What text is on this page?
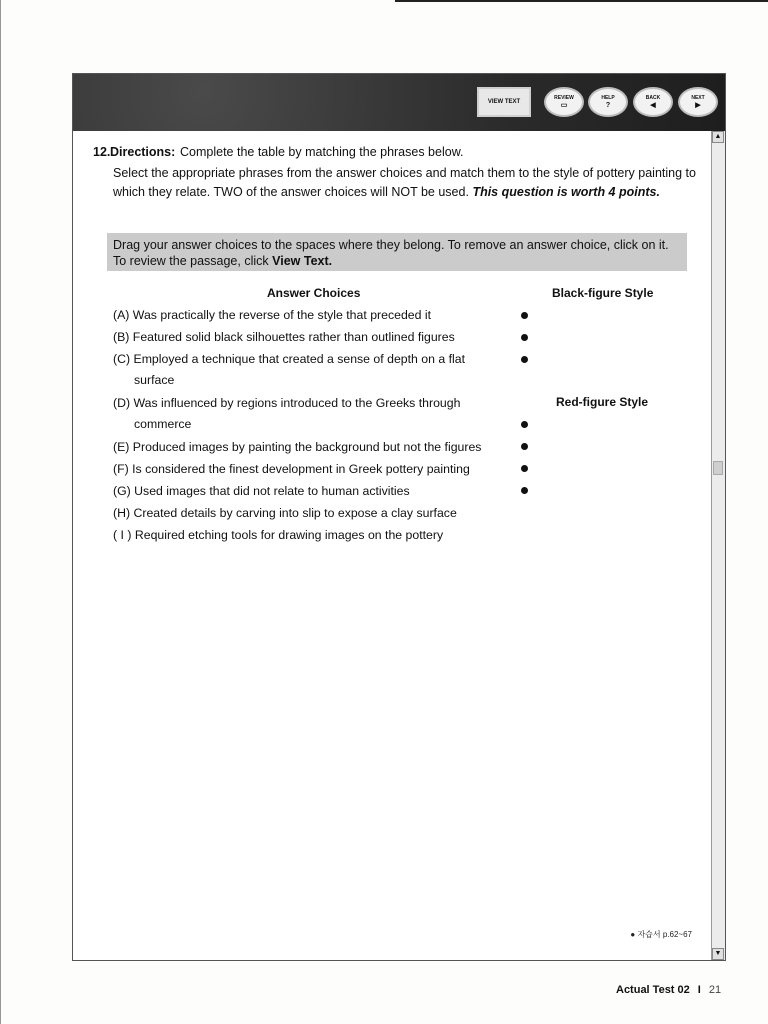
VIEW TEXT
REVIEW
▭
HELP
?
BACK
◀
NEXT
▶
▲
▼
12. Directions: Complete the table by matching the phrases below.
Select the appropriate phrases from the answer choices and match them to the style of pottery painting to which they relate. TWO of the answer choices will NOT be used. This question is worth 4 points.
Drag your answer choices to the spaces where they belong. To remove an answer choice, click on it. To review the passage, click View Text.
Answer Choices	Black-figure Style
Red-figure Style
(A) Was practically the reverse of the style that preceded it
(B) Featured solid black silhouettes rather than outlined figures
(C) Employed a technique that created a sense of depth on a flat
surface
(D) Was influenced by regions introduced to the Greeks through
commerce
(E) Produced images by painting the background but not the figures
(F) Is considered the finest development in Greek pottery painting
(G) Used images that did not relate to human activities
(H) Created details by carving into slip to expose a clay surface
( I ) Required etching tools for drawing images on the pottery
● 자습서 p.62~67
Actual Test 02 I 21
